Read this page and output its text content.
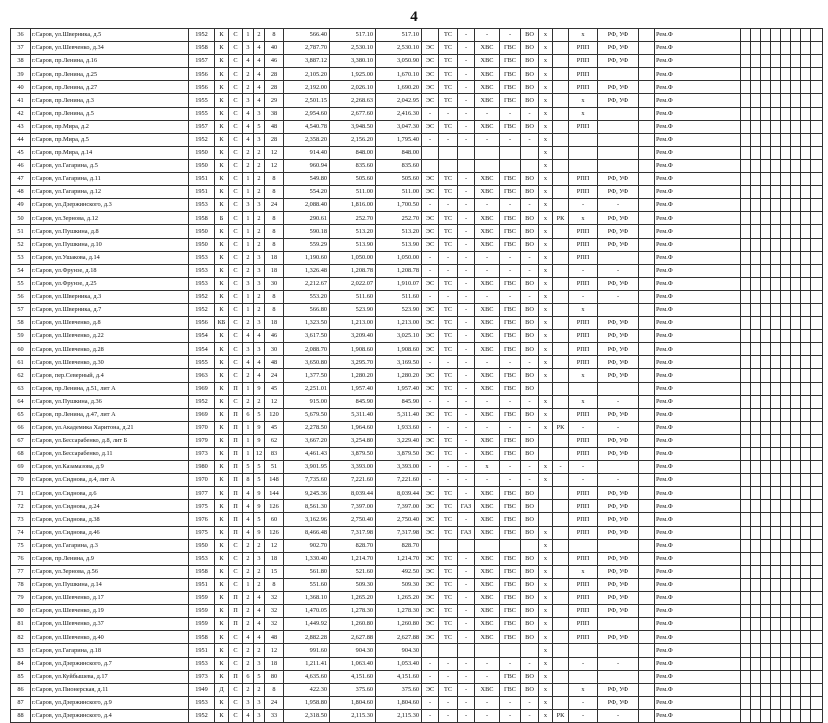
4
36	г.Саров, ул.Шверника, д.5	1952	К	С	1	2	8	566.40	517.10	517.10		ТС	-	-	-	ВО	х		х	РФ, УФ		Рем.Ф								
37	г.Саров, ул.Шевченко, д.34	1958	К	С	3	4	40	2,787.70	2,530.10	2,530.10	ЭС	ТС	-	ХВС	ГВС	ВО	х		РПП	РФ, УФ		Рем.Ф								
38	г.Саров, пр.Ленина, д.16	1957	К	С	4	4	46	3,887.12	3,380.10	3,050.90	ЭС	ТС	-	ХВС	ГВС	ВО	х		РПП	РФ, УФ		Рем.Ф								
39	г.Саров, пр.Ленина, д.25	1956	К	С	2	4	28	2,105.20	1,925.00	1,670.10	ЭС	ТС	-	ХВС	ГВС	ВО	х		РПП			Рем.Ф								
40	г.Саров, пр.Ленина, д.27	1956	К	С	2	4	28	2,192.00	2,026.10	1,690.20	ЭС	ТС	-	ХВС	ГВС	ВО	х		РПП	РФ, УФ		Рем.Ф								
41	г.Саров, пр.Ленина, д.3	1955	К	С	3	4	29	2,501.15	2,268.63	2,042.95	ЭС	ТС	-	ХВС	ГВС	ВО	х		х	РФ, УФ		Рем.Ф								
42	г.Саров, пр.Ленина, д.5	1955	К	С	4	3	38	2,954.60	2,677.60	2,416.30	-	-	-	-	-	-	х		х			Рем.Ф								
43	г.Саров, пр.Мира, д.2	1957	К	С	4	5	48	4,540.78	3,948.50	3,047.30	ЭС	ТС	-	ХВС	ГВС	ВО	х		РПП			Рем.Ф								
44	г.Саров, пр.Мира, д.5	1952	К	С	4	3	28	2,358.20	2,156.20	1,795.40	-	-	-	-	-	-	х					Рем.Ф								
45	г.Саров, пр.Мира, д.14	1950	К	С	2	2	12	914.40	848.00	848.00							х					Рем.Ф								
46	г.Саров, ул.Гагарина, д.5	1950	К	С	2	2	12	960.94	835.60	835.60							х					Рем.Ф								
47	г.Саров, ул.Гагарина, д.11	1951	К	С	1	2	8	549.80	505.60	505.60	ЭС	ТС	-	ХВС	ГВС	ВО	х		РПП	РФ, УФ		Рем.Ф								
48	г.Саров, ул.Гагарина, д.12	1951	К	С	1	2	8	554.20	511.00	511.00	ЭС	ТС	-	ХВС	ГВС	ВО	х		РПП	РФ, УФ		Рем.Ф								
49	г.Саров, ул.Дзержинского, д.3	1953	К	С	3	3	24	2,088.40	1,816.00	1,700.50	-	-	-	-	-	-	х		-	-		Рем.Ф								
50	г.Саров, ул.Зернова, д.12	1958	Б	С	1	2	8	290.61	252.70	252.70	ЭС	ТС	-	ХВС	ГВС	ВО	х	РК	х	РФ, УФ		Рем.Ф								
51	г.Саров, ул.Пушкина, д.8	1950	К	С	1	2	8	590.18	513.20	513.20	ЭС	ТС	-	ХВС	ГВС	ВО	х		РПП	РФ, УФ		Рем.Ф								
52	г.Саров, ул.Пушкина, д.10	1950	К	С	1	2	8	559.29	513.90	513.90	ЭС	ТС	-	ХВС	ГВС	ВО	х		РПП	РФ, УФ		Рем.Ф								
53	г.Саров, ул.Ушакова, д.14	1953	К	С	2	3	18	1,190.60	1,050.00	1,050.00	-	-	-	-	-	-	х		РПП			Рем.Ф								
54	г.Саров, ул.Фрунзе, д.18	1953	К	С	2	3	18	1,326.48	1,208.78	1,208.78	-	-	-	-	-	-	х		-	-		Рем.Ф								
55	г.Саров, ул.Фрунзе, д.25	1953	К	С	3	3	30	2,212.67	2,022.07	1,910.07	ЭС	ТС	-	ХВС	ГВС	ВО	х		РПП	РФ, УФ		Рем.Ф								
56	г.Саров, ул.Шверника, д.3	1952	К	С	1	2	8	553.20	511.60	511.60	-	-	-	-	-	-	х		-	-		Рем.Ф								
57	г.Саров, ул.Шверника, д.7	1952	К	С	1	2	8	566.80	523.90	523.90	ЭС	ТС	-	ХВС	ГВС	ВО	х		х			Рем.Ф								
58	г.Саров, ул.Шевченко, д.8	1956	КБ	С	2	3	18	1,323.50	1,213.00	1,213.00	ЭС	ТС	-	ХВС	ГВС	ВО	х		РПП	РФ, УФ		Рем.Ф								
59	г.Саров, ул.Шевченко, д.22	1954	К	С	4	4	46	3,617.50	3,209.40	3,025.10	ЭС	ТС	-	ХВС	ГВС	ВО	х		РПП	РФ, УФ		Рем.Ф								
60	г.Саров, ул.Шевченко, д.28	1954	К	С	3	3	30	2,088.70	1,908.60	1,908.60	ЭС	ТС	-	ХВС	ГВС	ВО	х		РПП	РФ, УФ		Рем.Ф								
61	г.Саров, ул.Шевченко, д.30	1955	К	С	4	4	48	3,650.80	3,295.70	3,169.50	-	-	-	-	-	-	х		РПП	РФ, УФ		Рем.Ф								
62	г.Саров, пер.Северный, д.4	1963	К	С	2	4	24	1,377.50	1,280.20	1,280.20	ЭС	ТС	-	ХВС	ГВС	ВО	х		х	РФ, УФ		Рем.Ф								
63	г.Саров, пр.Ленина, д.51, лит А	1969	К	П	1	9	45	2,251.01	1,957.40	1,957.40	ЭС	ТС	-	ХВС	ГВС	ВО						Рем.Ф								
64	г.Саров, ул.Пушкина, д.36	1952	К	С	2	2	12	915.00	845.90	845.90	-	-	-	-	-	-	х		х	-		Рем.Ф								
65	г.Саров, пр.Ленина, д.47, лит А	1969	К	П	6	5	120	5,679.50	5,311.40	5,311.40	ЭС	ТС	-	ХВС	ГВС	ВО	х		РПП	РФ, УФ		Рем.Ф								
66	г.Саров, ул.Академика Харитона, д.21	1970	К	П	1	9	45	2,278.50	1,964.60	1,933.60	-	-	-	-	-	-	х	РК	-	-		Рем.Ф								
67	г.Саров, ул.Бессарабенко, д.8, лит Б	1979	К	П	1	9	62	3,667.20	3,254.80	3,229.40	ЭС	ТС	-	ХВС	ГВС	ВО			РПП	РФ, УФ		Рем.Ф								
68	г.Саров, ул.Бессарабенко, д.11	1973	К	П	1	12	83	4,461.43	3,879.50	3,879.50	ЭС	ТС	-	ХВС	ГВС	ВО			РПП	РФ, УФ		Рем.Ф								
69	г.Саров, ул.Казамазова, д.9	1980	К	П	5	5	51	3,901.95	3,393.00	3,393.00	-	-	-	х	-	-	х	-	-			Рем.Ф								
70	г.Саров, ул.Сиднова, д.4, лит А	1970	К	П	8	5	148	7,735.60	7,221.60	7,221.60	-	-	-	-	-	-	х		-	-		Рем.Ф								
71	г.Саров, ул.Сиднова, д.6	1977	К	П	4	9	144	9,245.36	8,039.44	8,039.44	ЭС	ТС	-	ХВС	ГВС	ВО			РПП	РФ, УФ		Рем.Ф								
72	г.Саров, ул.Сиднова, д.24	1975	К	П	4	9	126	8,561.30	7,397.00	7,397.00	ЭС	ТС	ГАЗ	ХВС	ГВС	ВО			РПП	РФ, УФ		Рем.Ф								
73	г.Саров, ул.Сиднова, д.38	1976	К	П	4	5	60	3,162.96	2,750.40	2,750.40	ЭС	ТС	-	ХВС	ГВС	ВО			РПП	РФ, УФ		Рем.Ф								
74	г.Саров, ул.Сиднова, д.46	1975	К	П	4	9	126	8,466.48	7,317.98	7,317.98	ЭС	ТС	ГАЗ	ХВС	ГВС	ВО	х		РПП	РФ, УФ		Рем.Ф								
75	г.Саров, ул.Гагарина, д.3	1950	К	С	2	2	12	902.70	828.70	828.70							х					Рем.Ф								
76	г.Саров, пр.Ленина, д.9	1953	К	С	2	3	18	1,330.40	1,214.70	1,214.70	ЭС	ТС	-	ХВС	ГВС	ВО	х		РПП	РФ, УФ		Рем.Ф								
77	г.Саров, ул.Зернова, д.56	1958	К	С	2	2	15	561.80	521.60	492.50	ЭС	ТС	-	ХВС	ГВС	ВО	х		х	РФ, УФ		Рем.Ф								
78	г.Саров, ул.Пушкина, д.14	1951	К	С	1	2	8	551.60	509.30	509.30	ЭС	ТС	-	ХВС	ГВС	ВО	х		РПП	РФ, УФ		Рем.Ф								
79	г.Саров, ул.Шевченко, д.17	1959	К	П	2	4	32	1,368.10	1,265.20	1,265.20	ЭС	ТС	-	ХВС	ГВС	ВО	х		РПП	РФ, УФ		Рем.Ф								
80	г.Саров, ул.Шевченко, д.19	1959	К	П	2	4	32	1,470.05	1,278.30	1,278.30	ЭС	ТС	-	ХВС	ГВС	ВО	х		РПП	РФ, УФ		Рем.Ф								
81	г.Саров, ул.Шевченко, д.37	1959	К	П	2	4	32	1,449.92	1,260.80	1,260.80	ЭС	ТС	-	ХВС	ГВС	ВО	х		РПП			Рем.Ф								
82	г.Саров, ул.Шевченко, д.40	1958	К	С	4	4	48	2,882.28	2,627.88	2,627.88	ЭС	ТС	-	ХВС	ГВС	ВО	х		РПП	РФ, УФ		Рем.Ф								
83	г.Саров, ул.Гагарина, д.18	1951	К	С	2	2	12	991.60	904.30	904.30							х					Рем.Ф								
84	г.Саров, ул.Дзержинского, д.7	1953	К	С	2	3	18	1,211.41	1,063.40	1,053.40	-	-	-	-	-	-	х		-	-		Рем.Ф								
85	г.Саров, ул.Куйбышева, д.17	1973	К	П	6	5	80	4,635.60	4,151.60	4,151.60	-	-	-	-	ГВС	ВО	х					Рем.Ф								
86	г.Саров, ул.Пионерская, д.11	1949	Д	С	2	2	8	422.30	375.60	375.60	ЭС	ТС	-	ХВС	ГВС	ВО	х		х	РФ, УФ		Рем.Ф								
87	г.Саров, ул.Дзержинского, д.9	1953	К	С	3	3	24	1,958.80	1,804.60	1,804.60	-	-	-	-	-	-	х		-	РФ, УФ		Рем.Ф								
88	г.Саров, ул.Дзержинского, д.4	1952	К	С	4	3	33	2,318.50	2,115.30	2,115.30	-	-	-	-	-	-	х	РК	-	-		Рем.Ф								
